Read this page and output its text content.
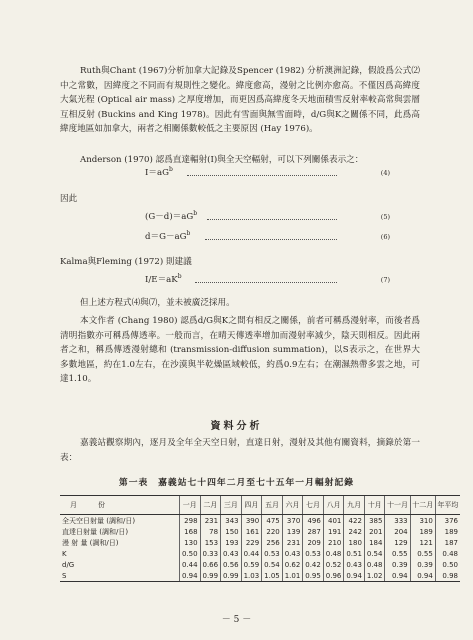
Ruth與Chant (1967)分析加拿大記錄及Spencer (1982) 分析澳洲記錄，假設爲公式⑵中之常數，因緯度之不同而有規則性之變化。緯度愈高，漫射之比例亦愈高。不僅因爲高緯度大氣光程 (Optical air mass) 之厚度增加，而更因爲高緯度冬天地面積雪反射率較高常與雲層互相反射 (Buckins and King 1978)。因此有雪面與無雪面時，d/G與K之關係不同，此爲高緯度地區如加拿大，兩者之相關係數較低之主要原因 (Hay 1976)。

Anderson (1970) 認爲直達輻射(I)與全天空輻射，可以下列關係表示之：

$I=aG^b$	(4)
因此
$(G-d)=aG^b$	(5)
$d=G-aG^b$	(6)
Kalma與Fleming (1972) 則建議
$I/E=aK^b$	(7)
但上述方程式⑷與⑺，並未被廣泛採用。

本文作者 (Chang 1980) 認爲d/G與K之間有相反之關係，前者可稱爲漫射率，而後者爲清明指數亦可稱爲傳透率。一般而言，在晴天傳透率增加而漫射率減少，陰天則相反。因此兩者之和，稱爲傳透漫射總和 (transmission-diffusion summation)，以S表示之，在世界大多數地區，約在1.0左右，在沙漠與半乾燥區域較低，約爲0.9左右；在潮濕熱帶多雲之地，可達1.10。

資料分析

嘉義站觀察期內，逐月及全年全天空日射，直達日射，漫射及其他有關資料，摘錄於第一表：

第一表　嘉義站七十四年二月至七十五年一月輻射記錄
月　　　份	一月	二月	三月	四月	五月	六月	七月	八月	九月	十月	十一月	十二月	年平均
全天空日射量 (調和/日)	298	231	343	390	475	370	496	401	422	385	333	310	376
直達日射量 (調和/日)	168	78	150	161	220	139	287	191	242	201	204	189	189
漫 射 量 (調和/日)	130	153	193	229	256	231	209	210	180	184	129	121	187
K	0.50	0.33	0.43	0.44	0.53	0.43	0.53	0.48	0.51	0.54	0.55	0.55	0.48
d/G	0.44	0.66	0.56	0.59	0.54	0.62	0.42	0.52	0.43	0.48	0.39	0.39	0.50
S	0.94	0.99	0.99	1.03	1.05	1.01	0.95	0.96	0.94	1.02	0.94	0.94	0.98
－ 5 －
